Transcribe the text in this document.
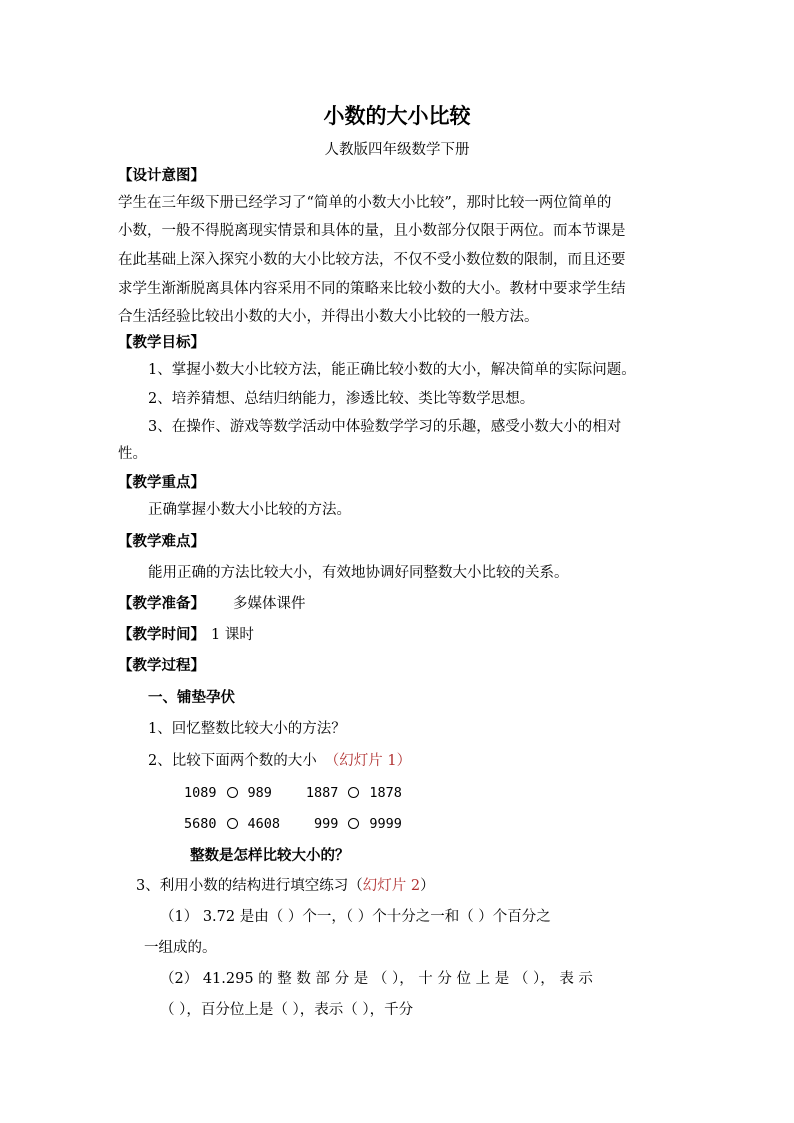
小数的大小比较
人教版四年级数学下册
【设计意图】
学生在三年级下册已经学习了“简单的小数大小比较”，那时比较一两位简单的
小数，一般不得脱离现实情景和具体的量，且小数部分仅限于两位。而本节课是
在此基础上深入探究小数的大小比较方法，不仅不受小数位数的限制，而且还要
求学生渐渐脱离具体内容采用不同的策略来比较小数的大小。教材中要求学生结
合生活经验比较出小数的大小，并得出小数大小比较的一般方法。
【教学目标】
1、掌握小数大小比较方法，能正确比较小数的大小，解决简单的实际问题。
2、培养猜想、总结归纳能力，渗透比较、类比等数学思想。
3、在操作、游戏等数学活动中体验数学学习的乐趣，感受小数大小的相对
性。
【教学重点】
正确掌握小数大小比较的方法。
【教学难点】
能用正确的方法比较大小，有效地协调好同整数大小比较的关系。
【教学准备】 多媒体课件
【教学时间】 1 课时
【教学过程】
一、铺垫孕伏
1、回忆整数比较大小的方法？
2、比较下面两个数的大小 （幻灯片 1）
1089 989	1887 1878
5680 4608	999 9999
整数是怎样比较大小的？
3、利用小数的结构进行填空练习（幻灯片 2）
（1） 3.72 是由（ ）个一，（ ）个十分之一和（ ）个百分之
一组成的。
（2） 41.295 的 整 数 部 分 是 （ ）， 十 分 位 上 是 （ ）， 表 示
（ ），百分位上是（ ），表示（ ），千分
